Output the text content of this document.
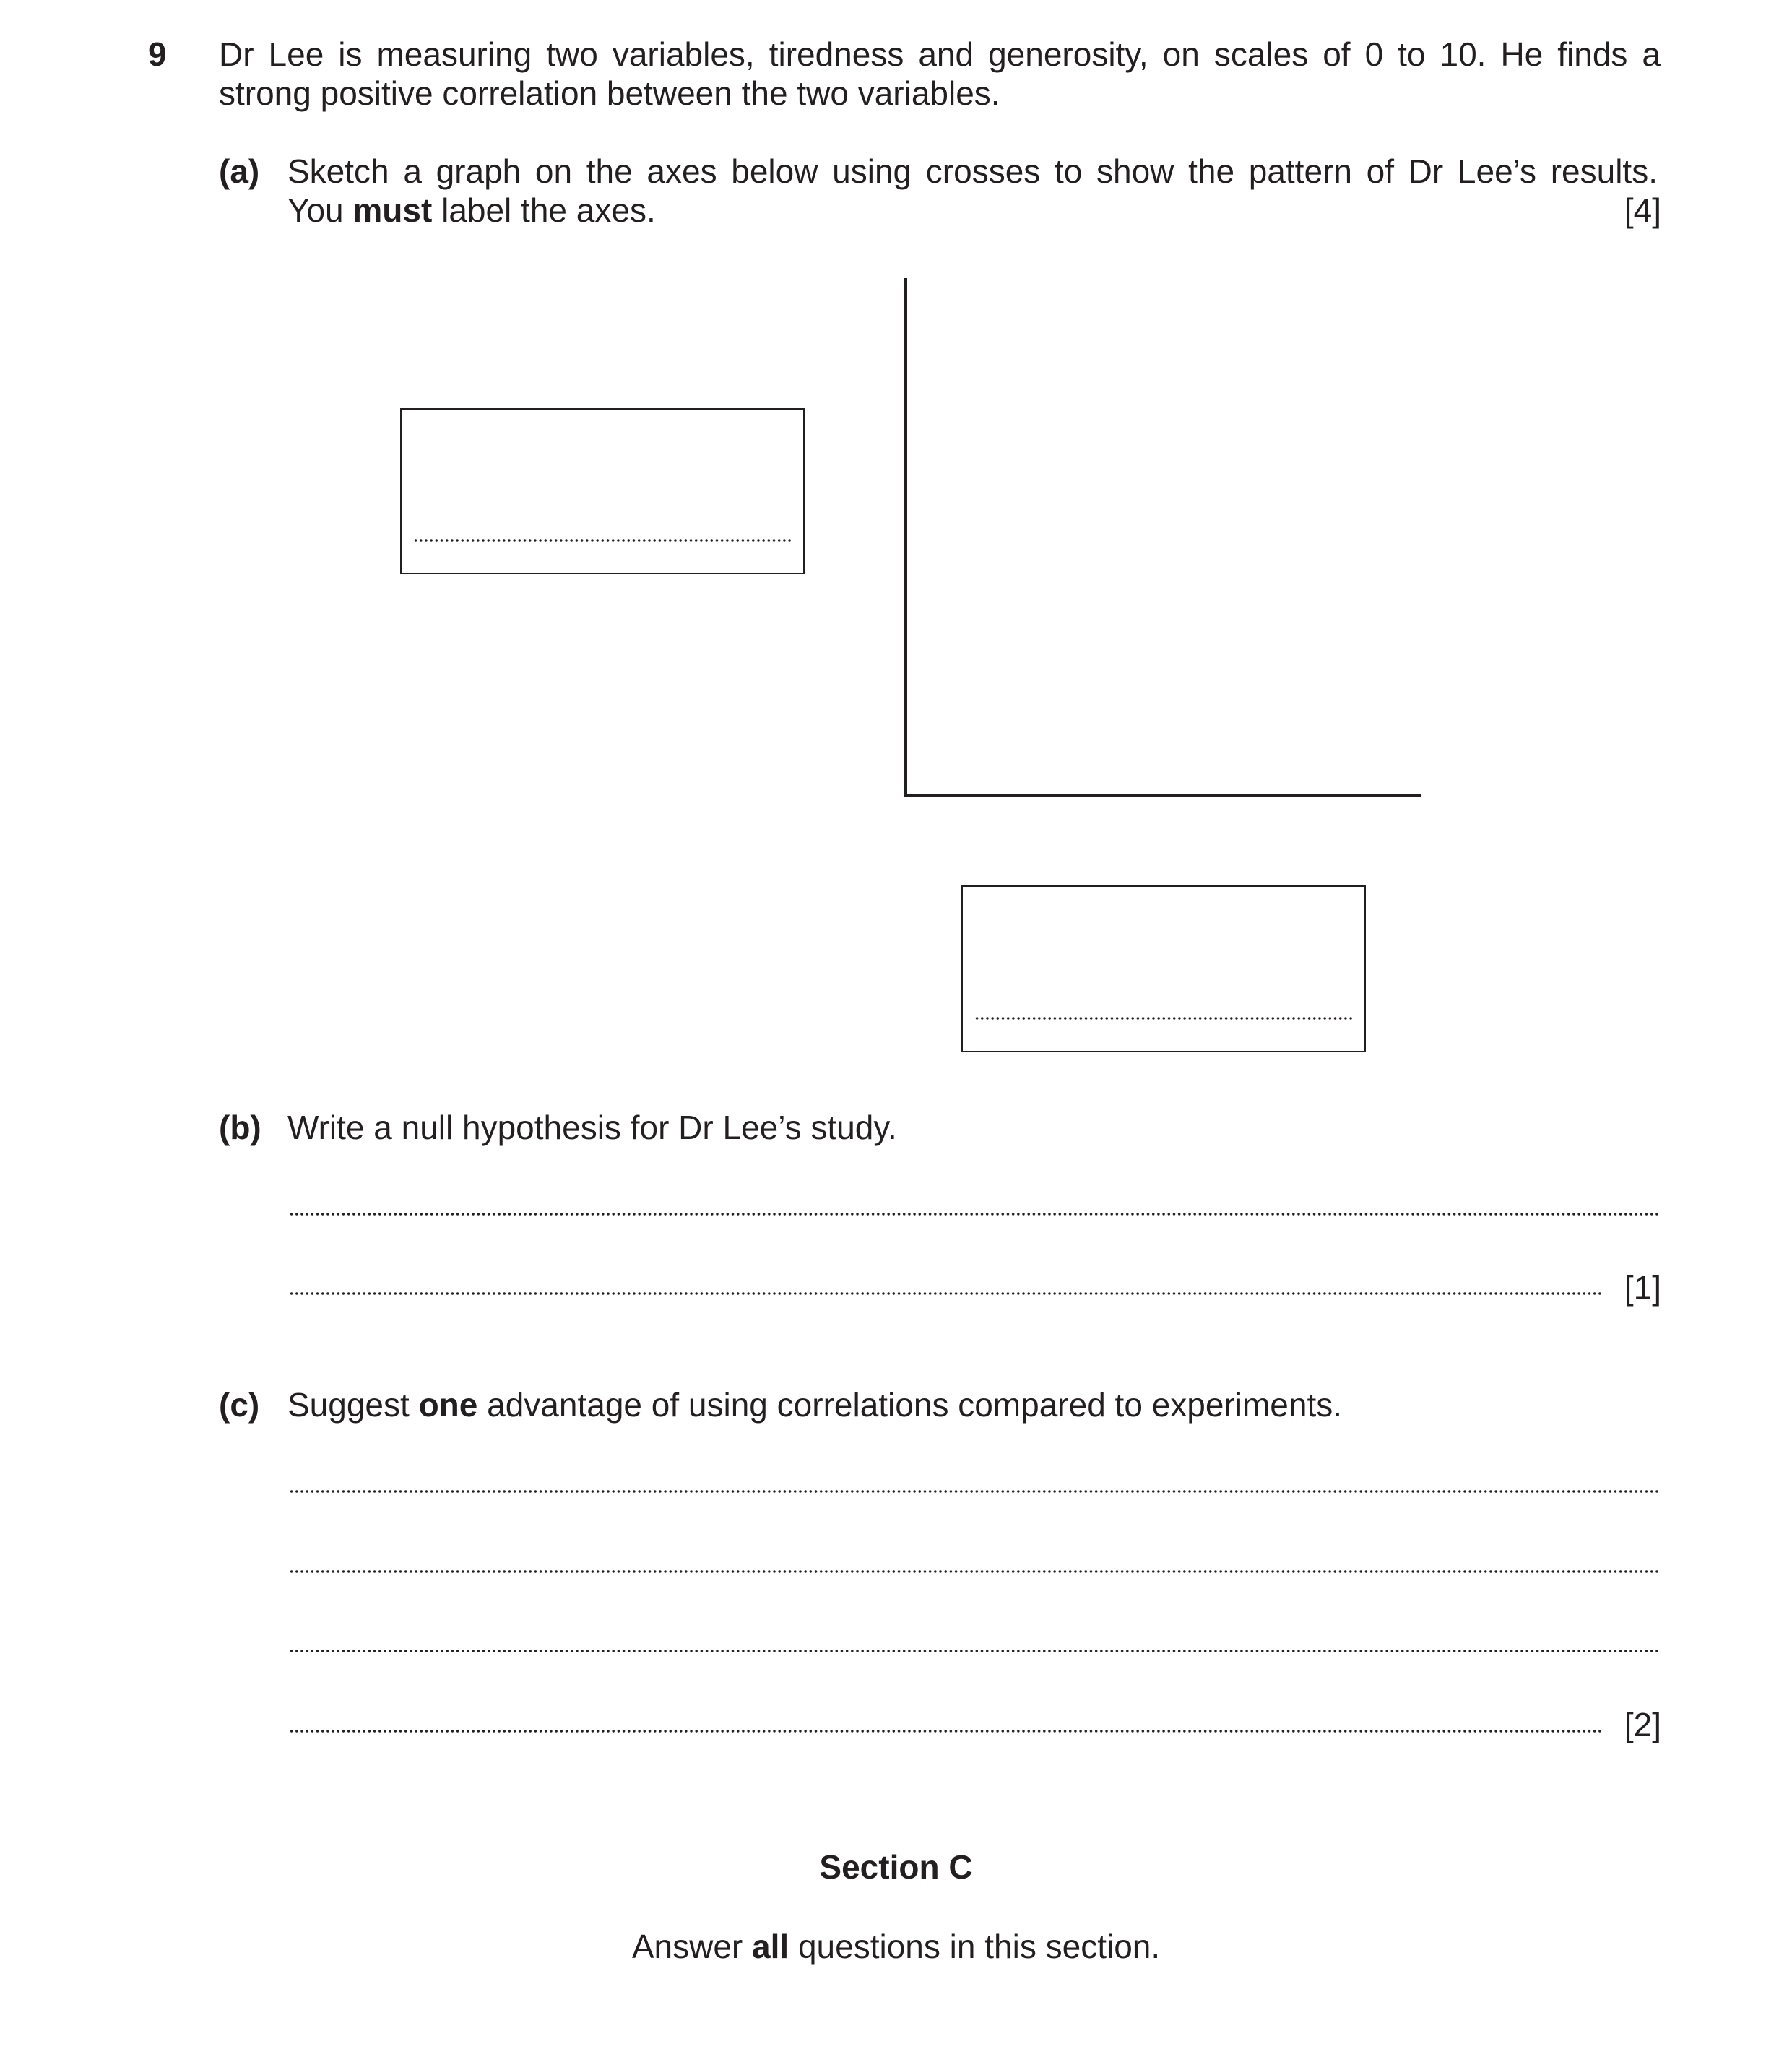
9 Dr Lee is measuring two variables, tiredness and generosity, on scales of 0 to 10. He finds a strong positive correlation between the two variables.
(a) Sketch a graph on the axes below using crosses to show the pattern of Dr Lee’s results.
You must label the axes.	[4]
(b) Write a null hypothesis for Dr Lee’s study.
[1]
(c) Suggest one advantage of using correlations compared to experiments.
[2]
Section C
Answer all questions in this section.
